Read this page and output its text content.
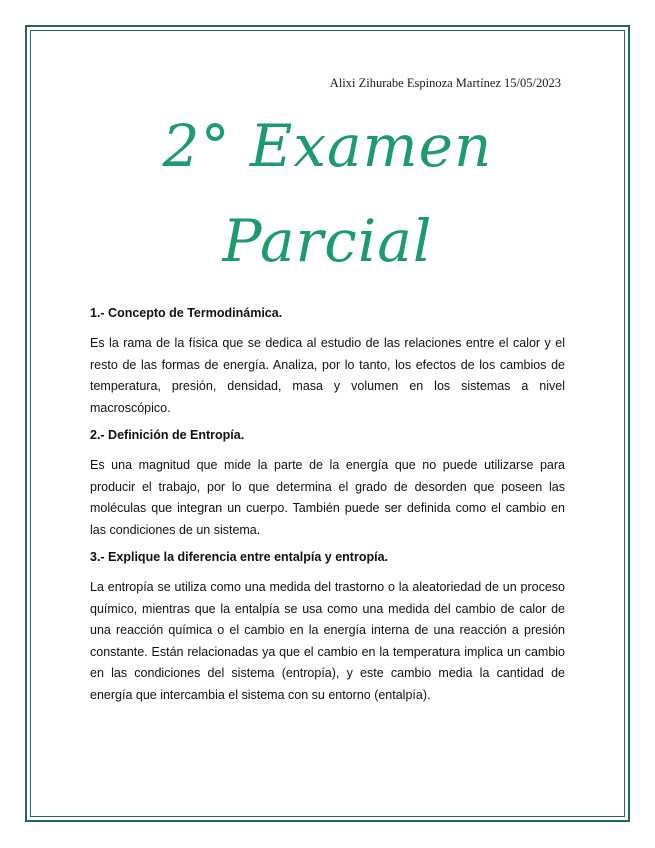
Alixi Zihurabe Espinoza Martínez 15/05/2023
2° Examen
Parcial

1.- Concepto de Termodinámica.

Es la rama de la física que se dedica al estudio de las relaciones entre el calor y el resto de las formas de energía. Analiza, por lo tanto, los efectos de los cambios de temperatura, presión, densidad, masa y volumen en los sistemas a nivel macroscópico.

2.- Definición de Entropía.

Es una magnitud que mide la parte de la energía que no puede utilizarse para producir el trabajo, por lo que determina el grado de desorden que poseen las moléculas que integran un cuerpo. También puede ser definida como el cambio en las condiciones de un sistema.

3.- Explique la diferencia entre entalpía y entropía.

La entropía se utiliza como una medida del trastorno o la aleatoriedad de un proceso químico, mientras que la entalpía se usa como una medida del cambio de calor de una reacción química o el cambio en la energía interna de una reacción a presión constante. Están relacionadas ya que el cambio en la temperatura implica un cambio en las condiciones del sistema (entropía), y este cambio media la cantidad de energía que intercambia el sistema con su entorno (entalpía).
